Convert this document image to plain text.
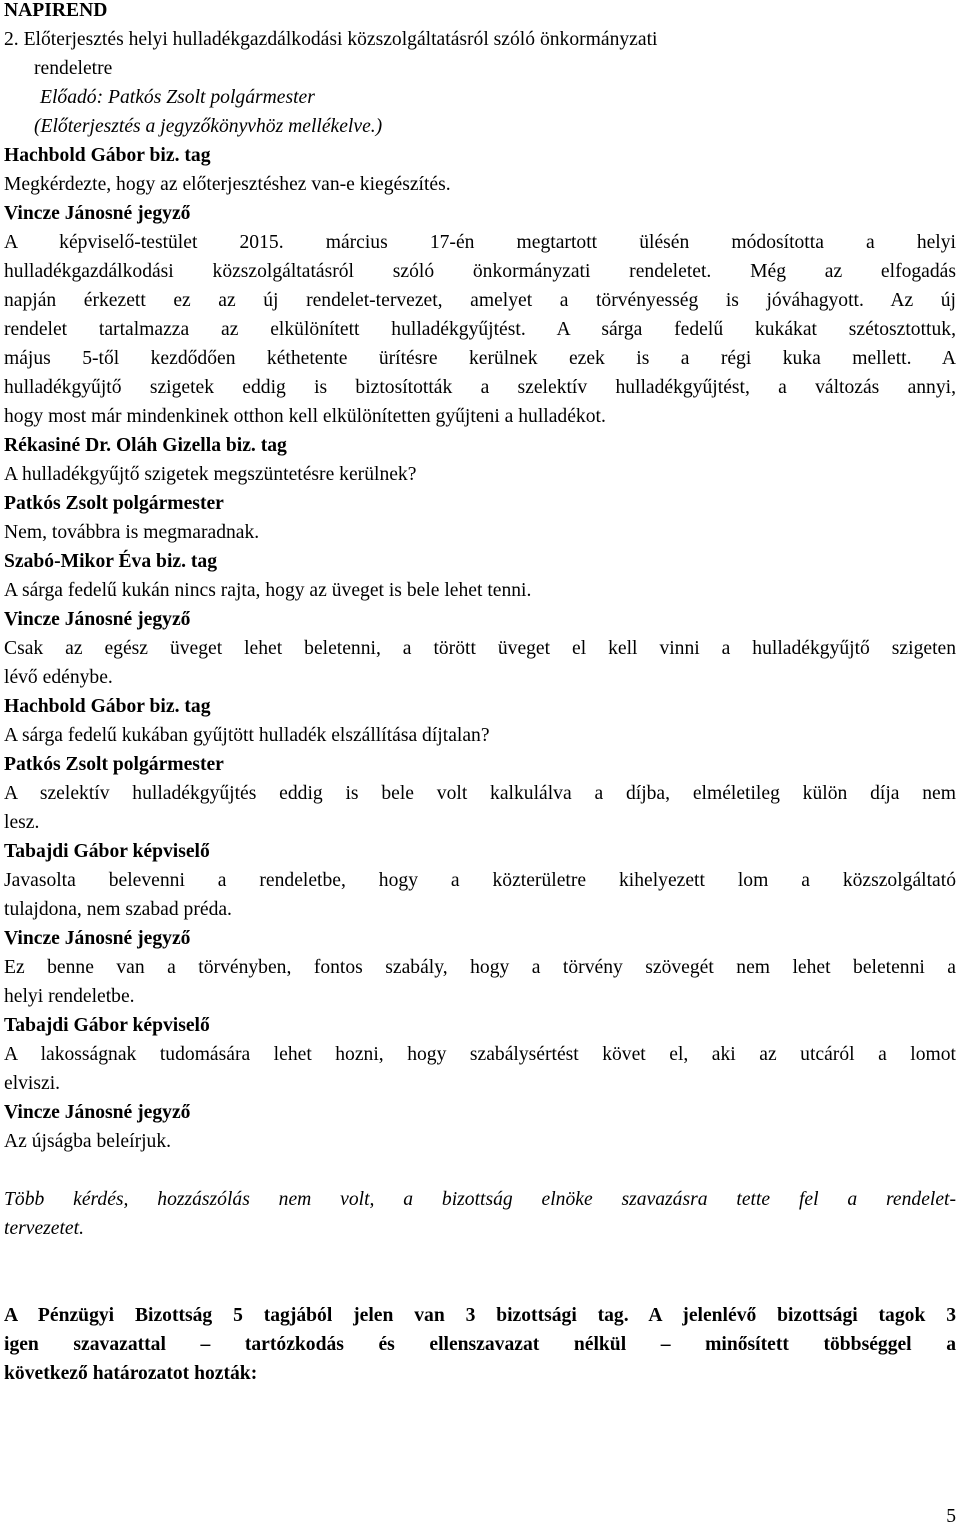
NAPIREND
2. Előterjesztés helyi hulladékgazdálkodási közszolgáltatásról szóló önkormányzati
rendeletre
Előadó: Patkós Zsolt polgármester
(Előterjesztés a jegyzőkönyvhöz mellékelve.)
Hachbold Gábor biz. tag
Megkérdezte, hogy az előterjesztéshez van-e kiegészítés.
Vincze Jánosné jegyző
A képviselő-testület 2015. március 17-én megtartott ülésén módosította a helyi
hulladékgazdálkodási közszolgáltatásról szóló önkormányzati rendeletet. Még az elfogadás
napján érkezett ez az új rendelet-tervezet, amelyet a törvényesség is jóváhagyott. Az új
rendelet tartalmazza az elkülönített hulladékgyűjtést. A sárga fedelű kukákat szétosztottuk,
május 5-től kezdődően kéthetente ürítésre kerülnek ezek is a régi kuka mellett. A
hulladékgyűjtő szigetek eddig is biztosították a szelektív hulladékgyűjtést, a változás annyi,
hogy most már mindenkinek otthon kell elkülönítetten gyűjteni a hulladékot.
Rékasiné Dr. Oláh Gizella biz. tag
A hulladékgyűjtő szigetek megszüntetésre kerülnek?
Patkós Zsolt polgármester
Nem, továbbra is megmaradnak.
Szabó-Mikor Éva biz. tag
A sárga fedelű kukán nincs rajta, hogy az üveget is bele lehet tenni.
Vincze Jánosné jegyző
Csak az egész üveget lehet beletenni, a törött üveget el kell vinni a hulladékgyűjtő szigeten
lévő edénybe.
Hachbold Gábor biz. tag
A sárga fedelű kukában gyűjtött hulladék elszállítása díjtalan?
Patkós Zsolt polgármester
A szelektív hulladékgyűjtés eddig is bele volt kalkulálva a díjba, elméletileg külön díja nem
lesz.
Tabajdi Gábor képviselő
Javasolta belevenni a rendeletbe, hogy a közterületre kihelyezett lom a közszolgáltató
tulajdona, nem szabad préda.
Vincze Jánosné jegyző
Ez benne van a törvényben, fontos szabály, hogy a törvény szövegét nem lehet beletenni a
helyi rendeletbe.
Tabajdi Gábor képviselő
A lakosságnak tudomására lehet hozni, hogy szabálysértést követ el, aki az utcáról a lomot
elviszi.
Vincze Jánosné jegyző
Az újságba beleírjuk.
Több kérdés, hozzászólás nem volt, a bizottság elnöke szavazásra tette fel a rendelet-
tervezetet.
A Pénzügyi Bizottság 5 tagjából jelen van 3 bizottsági tag. A jelenlévő bizottsági tagok 3
igen szavazattal – tartózkodás és ellenszavazat nélkül – minősített többséggel a
következő határozatot hozták:
5
